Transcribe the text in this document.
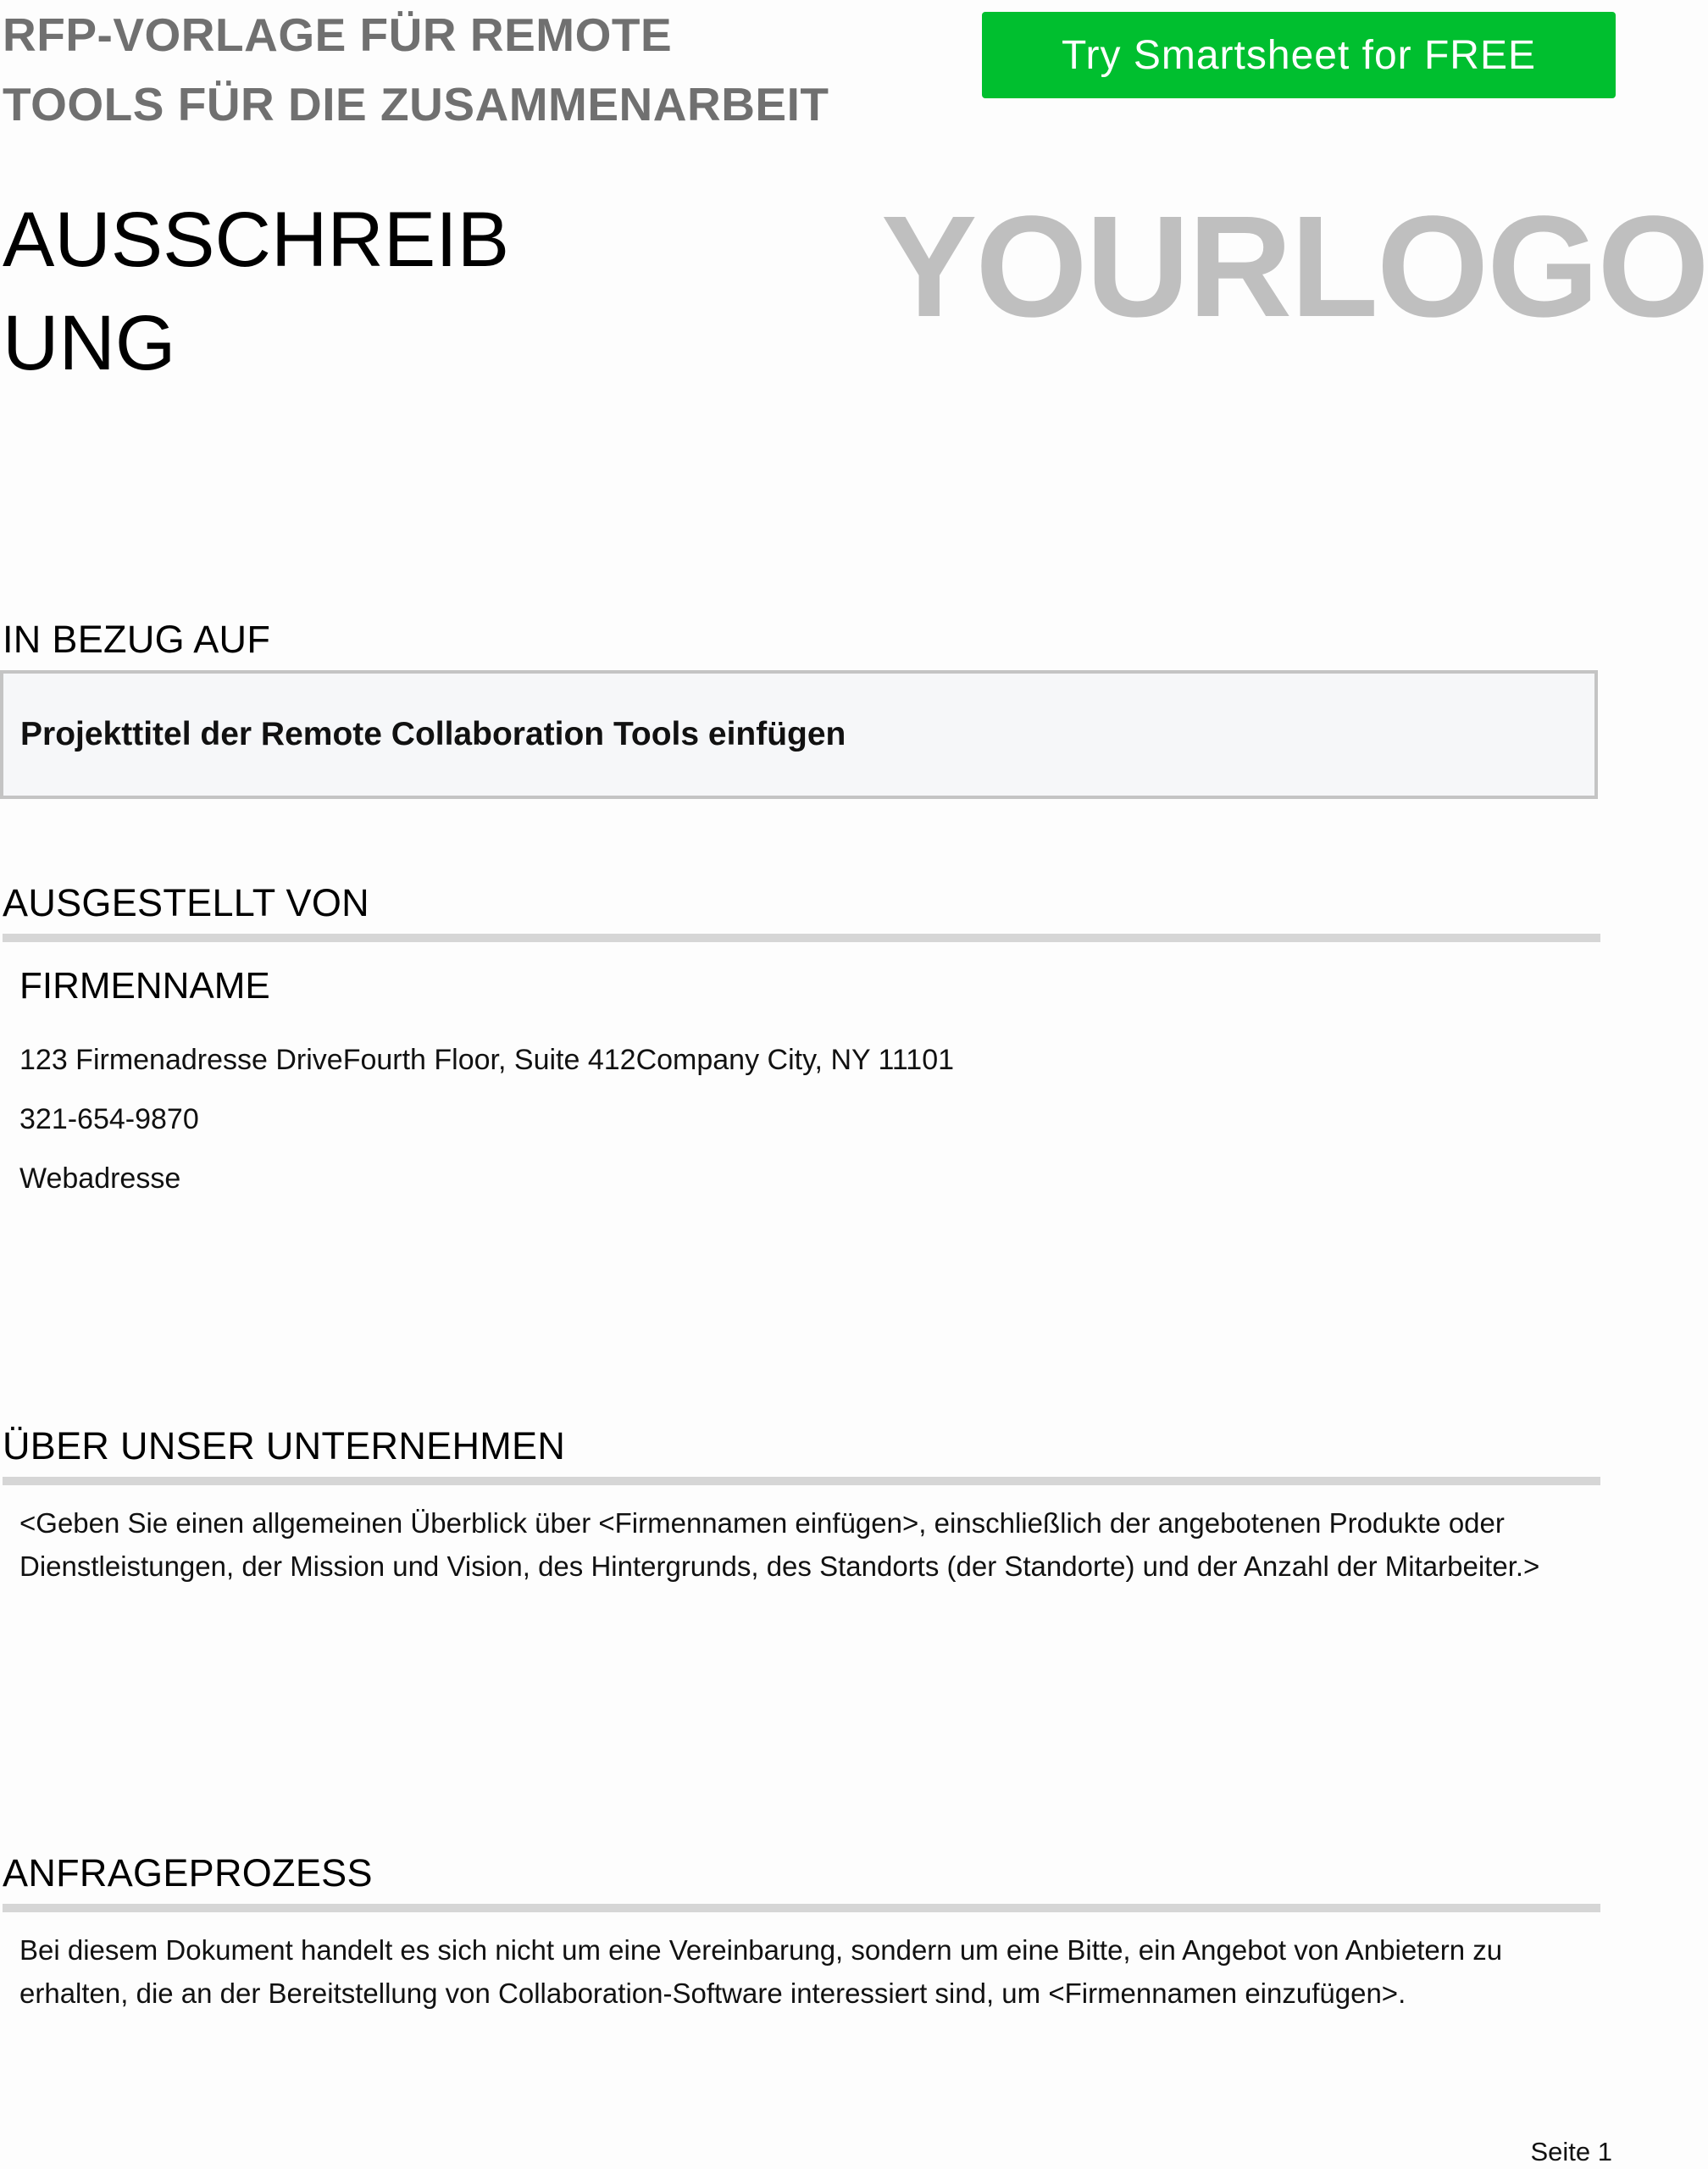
RFP-VORLAGE FÜR REMOTE
TOOLS FÜR DIE ZUSAMMENARBEIT
Try Smartsheet for FREE
AUSSCHREIB
UNG	YOURLOGO
IN BEZUG AUF
Projekttitel der Remote Collaboration Tools einfügen
AUSGESTELLT VON
FIRMENNAME
123 Firmenadresse DriveFourth Floor, Suite 412Company City, NY 11101
321-654-9870
Webadresse
ÜBER UNSER UNTERNEHMEN
<Geben Sie einen allgemeinen Überblick über <Firmennamen einfügen>, einschließlich der angebotenen Produkte oder Dienstleistungen, der Mission und Vision, des Hintergrunds, des Standorts (der Standorte) und der Anzahl der Mitarbeiter.>
ANFRAGEPROZESS
Bei diesem Dokument handelt es sich nicht um eine Vereinbarung, sondern um eine Bitte, ein Angebot von Anbietern zu erhalten, die an der Bereitstellung von Collaboration-Software interessiert sind, um <Firmennamen einzufügen>.
Seite 1
